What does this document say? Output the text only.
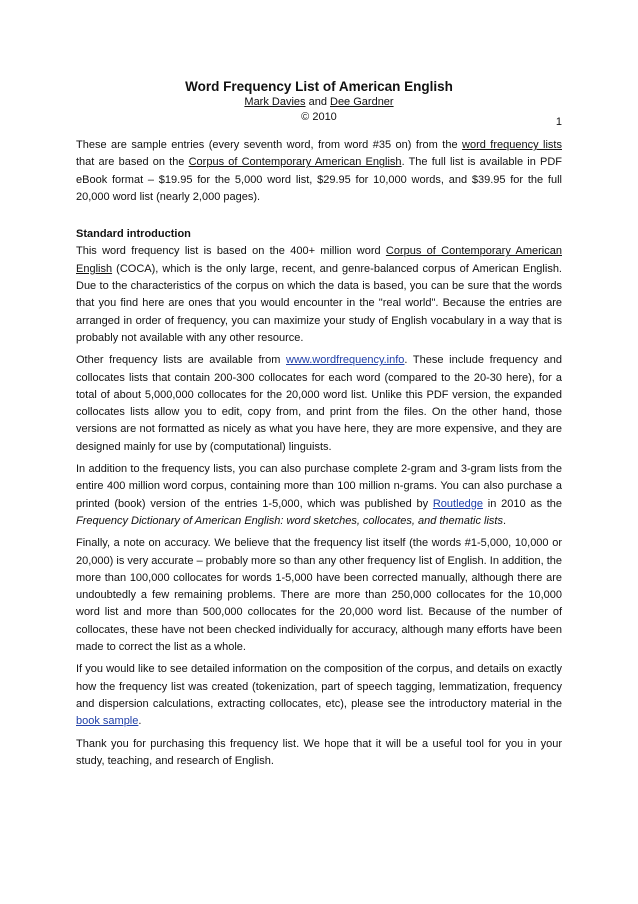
1
Word Frequency List of American English
Mark Davies and Dee Gardner
© 2010

These are sample entries (every seventh word, from word #35 on) from the word frequency lists that are based on the Corpus of Contemporary American English. The full list is available in PDF eBook format – $19.95 for the 5,000 word list, $29.95 for 10,000 words, and $39.95 for the full 20,000 word list (nearly 2,000 pages).

Standard introduction

This word frequency list is based on the 400+ million word Corpus of Contemporary American English (COCA), which is the only large, recent, and genre-balanced corpus of American English. Due to the characteristics of the corpus on which the data is based, you can be sure that the words that you find here are ones that you would encounter in the "real world". Because the entries are arranged in order of frequency, you can maximize your study of English vocabulary in a way that is probably not available with any other resource.

Other frequency lists are available from www.wordfrequency.info. These include frequency and collocates lists that contain 200-300 collocates for each word (compared to the 20-30 here), for a total of about 5,000,000 collocates for the 20,000 word list. Unlike this PDF version, the expanded collocates lists allow you to edit, copy from, and print from the files. On the other hand, those versions are not formatted as nicely as what you have here, they are more expensive, and they are designed mainly for use by (computational) linguists.

In addition to the frequency lists, you can also purchase complete 2-gram and 3-gram lists from the entire 400 million word corpus, containing more than 100 million n-grams. You can also purchase a printed (book) version of the entries 1-5,000, which was published by Routledge in 2010 as the Frequency Dictionary of American English: word sketches, collocates, and thematic lists.

Finally, a note on accuracy. We believe that the frequency list itself (the words #1-5,000, 10,000 or 20,000) is very accurate – probably more so than any other frequency list of English. In addition, the more than 100,000 collocates for words 1-5,000 have been corrected manually, although there are undoubtedly a few remaining problems. There are more than 250,000 collocates for the 10,000 word list and more than 500,000 collocates for the 20,000 word list. Because of the number of collocates, these have not been checked individually for accuracy, although many efforts have been made to correct the list as a whole.

If you would like to see detailed information on the composition of the corpus, and details on exactly how the frequency list was created (tokenization, part of speech tagging, lemmatization, frequency and dispersion calculations, extracting collocates, etc), please see the introductory material in the book sample.

Thank you for purchasing this frequency list. We hope that it will be a useful tool for you in your study, teaching, and research of English.
